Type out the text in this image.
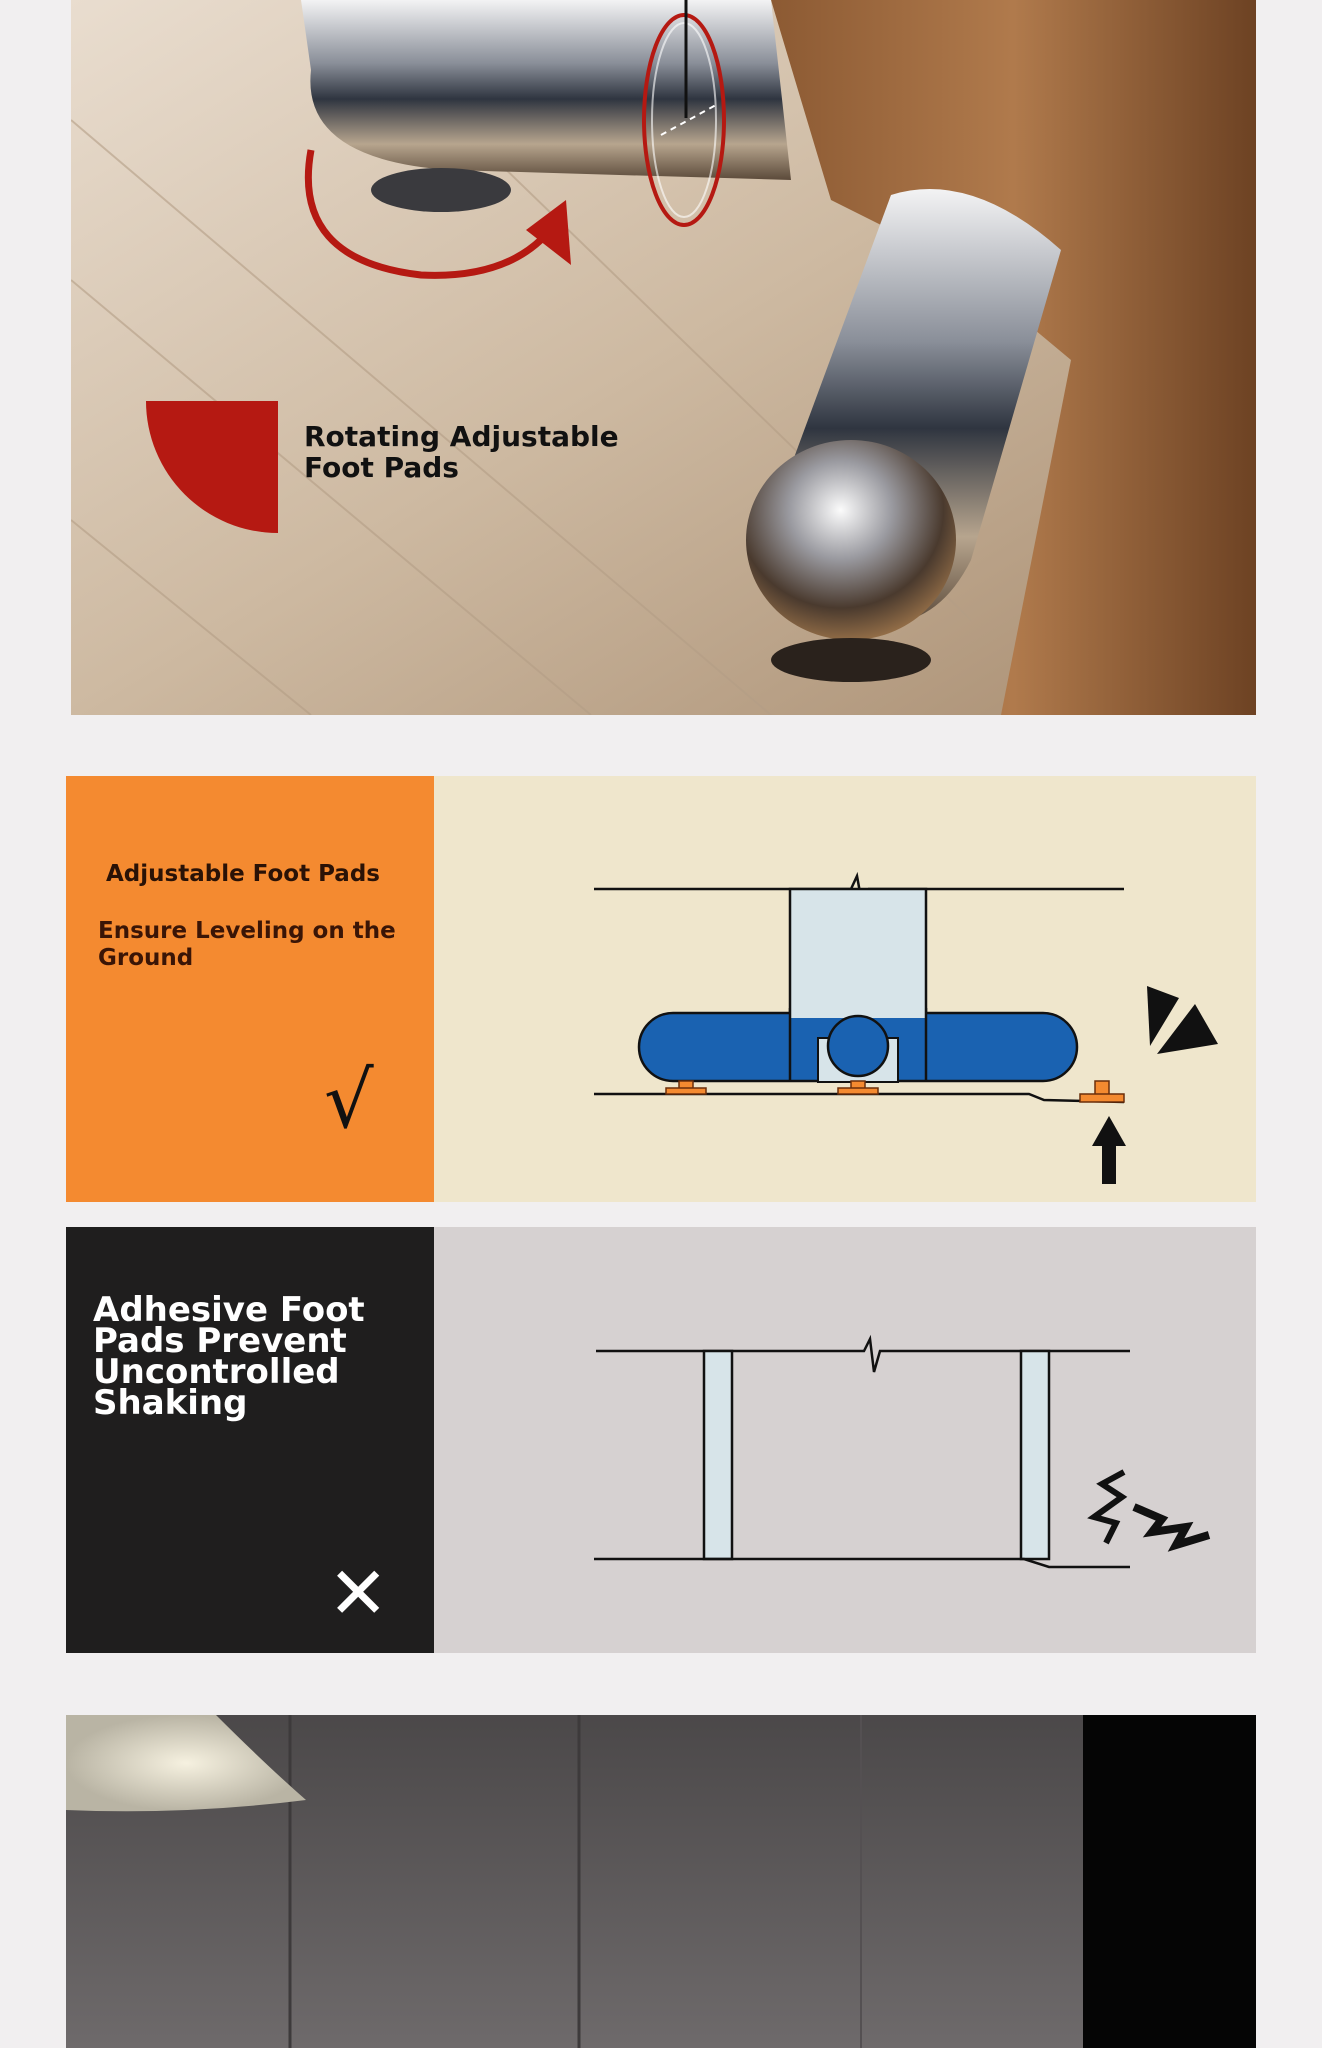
Rotating Adjustable
Foot Pads
Adjustable Foot Pads
Ensure Leveling on the Ground
√
Adhesive Foot Pads Prevent Uncontrolled Shaking
✕
